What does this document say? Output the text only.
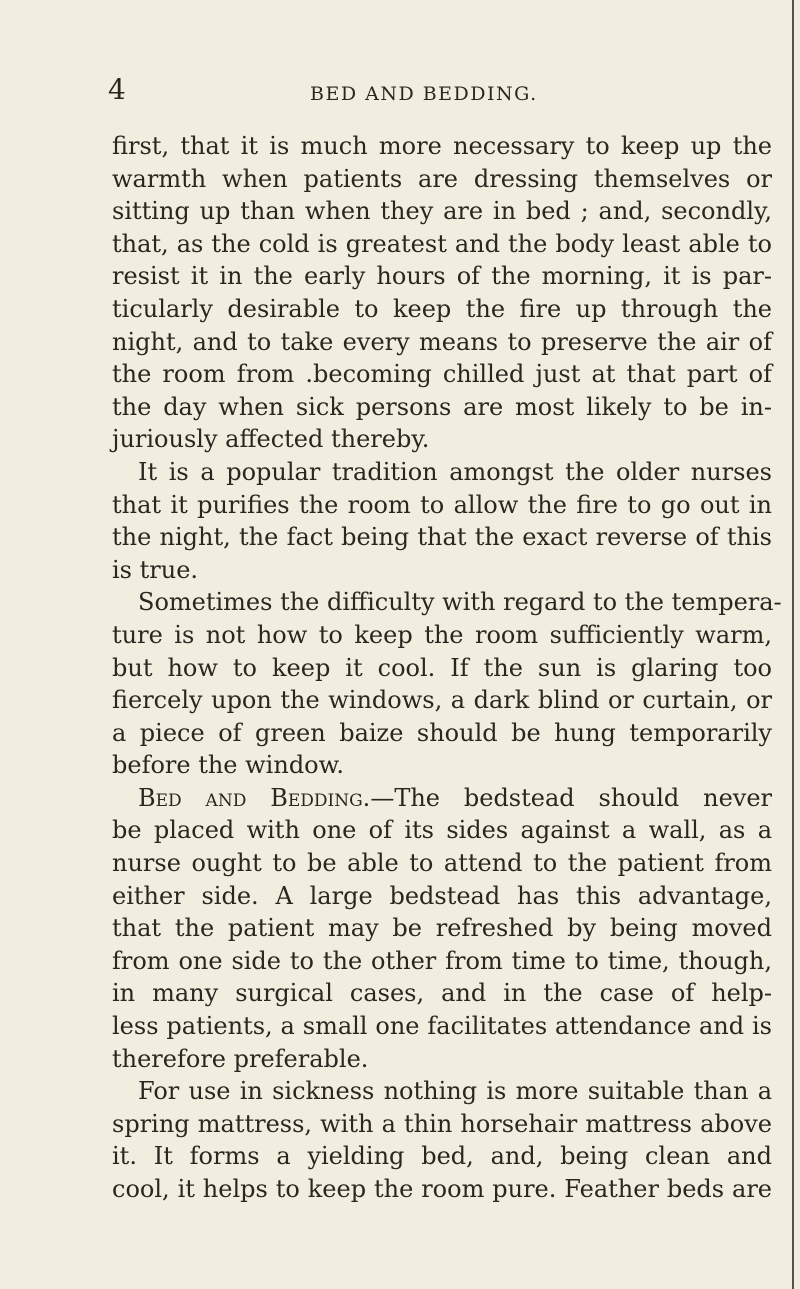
4	BED AND BEDDING.
first, that it is much more necessary to keep up the
warmth when patients are dressing themselves or
sitting up than when they are in bed ; and, secondly,
that, as the cold is greatest and the body least able to
resist it in the early hours of the morning, it is par-
ticularly desirable to keep the fire up through the
night, and to take every means to preserve the air of
the room from .becoming chilled just at that part of
the day when sick persons are most likely to be in-
juriously affected thereby.
It is a popular tradition amongst the older nurses
that it purifies the room to allow the fire to go out in
the night, the fact being that the exact reverse of this
is true.
Sometimes the difficulty with regard to the tempera-
ture is not how to keep the room sufficiently warm,
but how to keep it cool. If the sun is glaring too
fiercely upon the windows, a dark blind or curtain, or
a piece of green baize should be hung temporarily
before the window.
Bed and Bedding.—The bedstead should never
be placed with one of its sides against a wall, as a
nurse ought to be able to attend to the patient from
either side. A large bedstead has this advantage,
that the patient may be refreshed by being moved
from one side to the other from time to time, though,
in many surgical cases, and in the case of help-
less patients, a small one facilitates attendance and is
therefore preferable.
For use in sickness nothing is more suitable than a
spring mattress, with a thin horsehair mattress above
it. It forms a yielding bed, and, being clean and
cool, it helps to keep the room pure. Feather beds are
